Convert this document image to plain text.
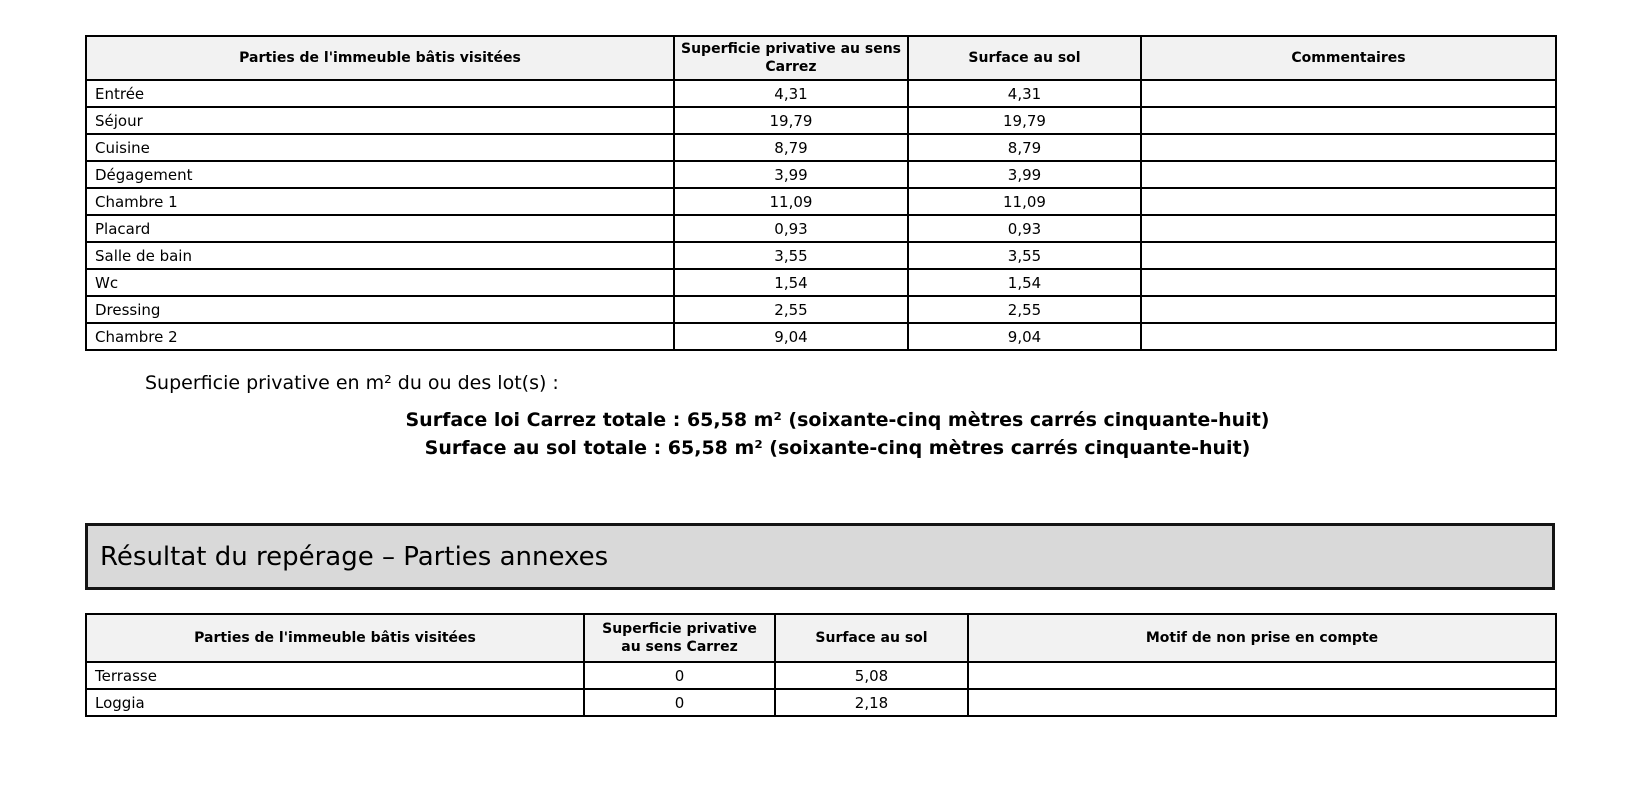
Parties de l'immeuble bâtis visitées	Superficie privative au sens Carrez	Surface au sol	Commentaires
Entrée	4,31	4,31	
Séjour	19,79	19,79	
Cuisine	8,79	8,79	
Dégagement	3,99	3,99	
Chambre 1	11,09	11,09	
Placard	0,93	0,93	
Salle de bain	3,55	3,55	
Wc	1,54	1,54	
Dressing	2,55	2,55	
Chambre 2	9,04	9,04	
Superficie privative en m² du ou des lot(s) :
Surface loi Carrez totale : 65,58 m² (soixante-cinq mètres carrés cinquante-huit)
Surface au sol totale : 65,58 m² (soixante-cinq mètres carrés cinquante-huit)
Résultat du repérage – Parties annexes
Parties de l'immeuble bâtis visitées	Superficie privative au sens Carrez	Surface au sol	Motif de non prise en compte
Terrasse	0	5,08	
Loggia	0	2,18	
